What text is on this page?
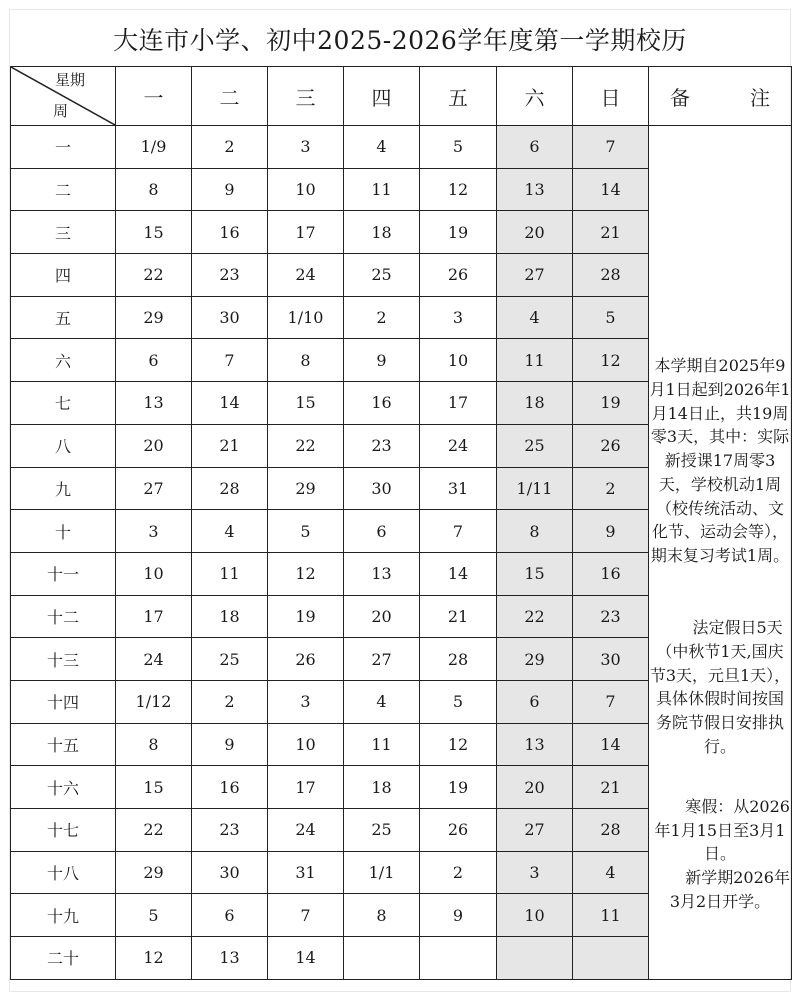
大连市小学、初中2025-2026学年度第一学期校历
星期
周	一	二	三	四	五	六	日	备 注
一	1/9	2	3	4	5	6	7	本学期自2025年9月1日起到2026年1月14日止，共19周零3天，其中：实际新授课17周零3天，学校机动1周（校传统活动、文化节、运动会等），期末复习考试1周。

法定假日5天（中秋节1天,国庆节3天，元旦1天），具体休假时间按国务院节假日安排执行。

寒假：从2026年1月15日至3月1日。

新学期2026年3月2日开学。

二	8	9	10	11	12	13	14	
三	15	16	17	18	19	20	21	
四	22	23	24	25	26	27	28	
五	29	30	1/10	2	3	4	5	
六	6	7	8	9	10	11	12	
七	13	14	15	16	17	18	19	
八	20	21	22	23	24	25	26	
九	27	28	29	30	31	1/11	2	
十	3	4	5	6	7	8	9	
十一	10	11	12	13	14	15	16	
十二	17	18	19	20	21	22	23	
十三	24	25	26	27	28	29	30	
十四	1/12	2	3	4	5	6	7	
十五	8	9	10	11	12	13	14	
十六	15	16	17	18	19	20	21	
十七	22	23	24	25	26	27	28	
十八	29	30	31	1/1	2	3	4	
十九	5	6	7	8	9	10	11	
二十	12	13	14					
